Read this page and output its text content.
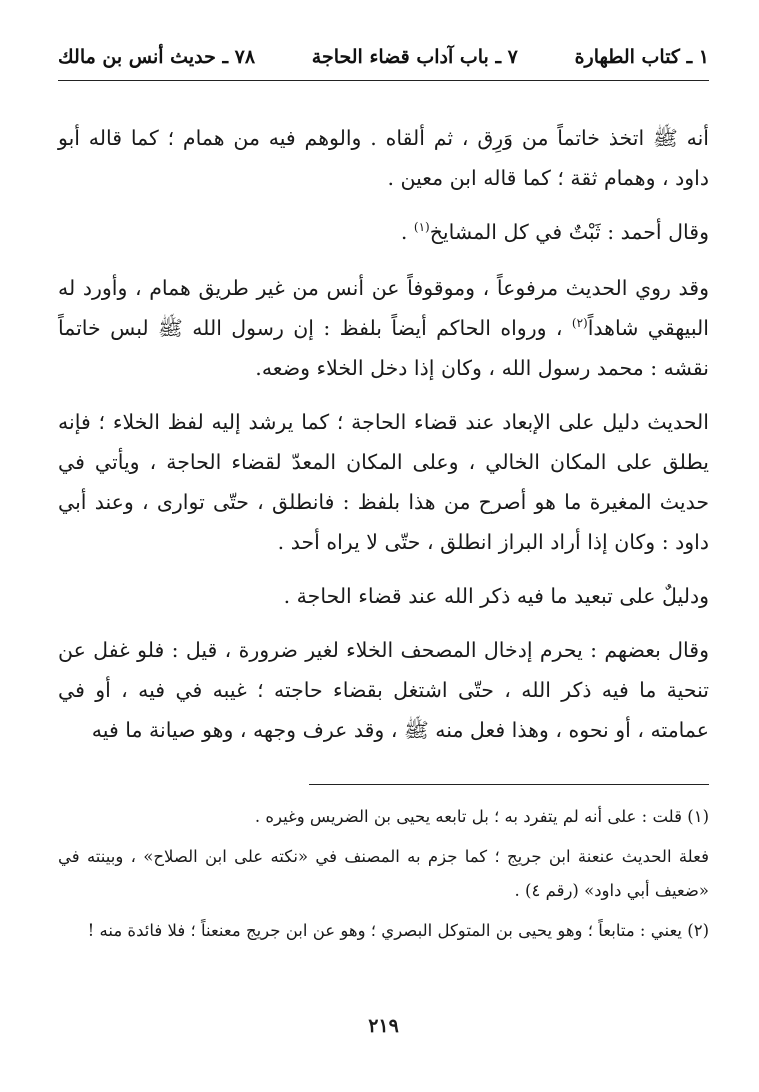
١ ـ كتاب الطهارة
٧ ـ باب آداب قضاء الحاجة
٧٨ ـ حديث أنس بن مالك

أنه ﷺ اتخذ خاتماً من وَرِق ، ثم ألقاه . والوهم فيه من همام ؛ كما قاله أبو داود ، وهمام ثقة ؛ كما قاله ابن معين .

وقال أحمد : ثَبْتٌ في كل المشايخ$^{(١)}$ .

وقد روي الحديث مرفوعاً ، وموقوفاً عن أنس من غير طريق همام ، وأورد له البيهقي شاهداً$^{(٢)}$ ، ورواه الحاكم أيضاً بلفظ : إن رسول الله ﷺ لبس خاتماً نقشه : محمد رسول الله ، وكان إذا دخل الخلاء وضعه.

الحديث دليل على الإبعاد عند قضاء الحاجة ؛ كما يرشد إليه لفظ الخلاء ؛ فإنه يطلق على المكان الخالي ، وعلى المكان المعدّ لقضاء الحاجة ، ويأتي في حديث المغيرة ما هو أصرح من هذا بلفظ : فانطلق ، حتّى توارى ، وعند أبي داود : وكان إذا أراد البراز انطلق ، حتّى لا يراه أحد .

ودليلٌ على تبعيد ما فيه ذكر الله عند قضاء الحاجة .

وقال بعضهم : يحرم إدخال المصحف الخلاء لغير ضرورة ، قيل : فلو غفل عن تنحية ما فيه ذكر الله ، حتّى اشتغل بقضاء حاجته ؛ غيبه في فيه ، أو في عمامته ، أو نحوه ، وهذا فعل منه ﷺ ، وقد عرف وجهه ، وهو صيانة ما فيه

(١) قلت : على أنه لم يتفرد به ؛ بل تابعه يحيى بن الضريس وغيره .

فعلة الحديث عنعنة ابن جريج ؛ كما جزم به المصنف في «نكته على ابن الصلاح» ، وبينته في «ضعيف أبي داود» (رقم ٤) .

(٢) يعني : متابعاً ؛ وهو يحيى بن المتوكل البصري ؛ وهو عن ابن جريج معنعناً ؛ فلا فائدة منه !

٢١٩
